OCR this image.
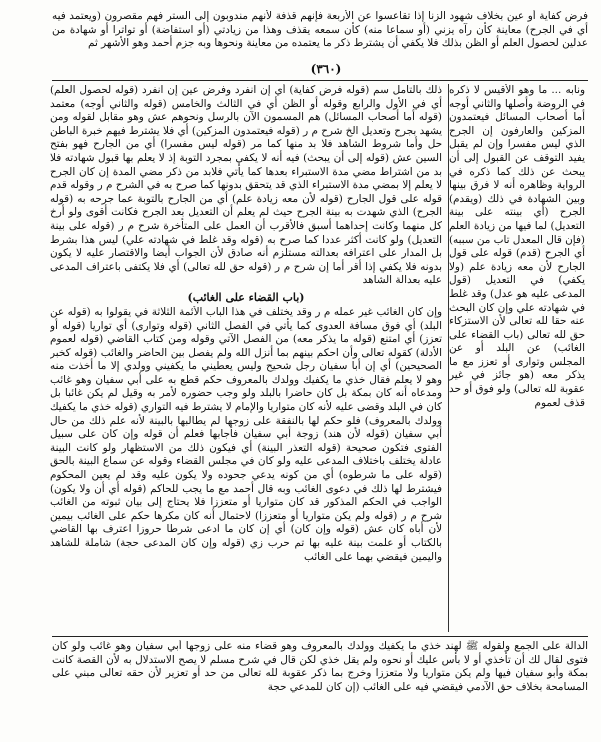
فرض كفاية أو عين بخلاف شهود الزنا إذا تقاعسوا عن الأربعة فإنهم قذفة لأنهم مندوبون إلى الستر فهم مقصرون (ويعتمد فيه أي في الجرح) معاينة كأن رآه يزني (أو سماعا منه) كأن سمعه يقذف وهذا من زيادتي (أو استفاضة) أو تواترا أو شهادة من عدلين لحصول العلم أو الظن بذلك فلا يكفي أن يشترط ذكر ما يعتمده من معاينة ونحوها وبه جزم أحمد وهو الأشهر ثم

(٣٦٠)

ونابه ... ما وهو الأقيس لا ذكره في الروضة وأصلها والثاني أوجه أما أصحاب المسائل فيعتمدون المزكين والعارفون إن الجرح الذي ليس مفسرا وإن لم يقبل يفيد التوقف عن القبول إلى أن يبحث عن ذلك كما ذكره في الرواية وظاهره أنه لا فرق بينها وبين الشهادة في ذلك (ويقدم) الجرح (أي بينته على بينة التعديل) لما فيها من زيادة العلم (فإن قال المعدل تاب من سببه) أي الجرح (قدم) قوله على قول الجارح لأن معه زيادة علم (ولا يكفي) في التعديل (قول المدعى عليه هو عدل) وقد غلط في شهادته علي وإن كان البحث عنه حقا لله تعالى لأن الاستزكاء حق لله تعالى (باب القضاء على الغائب) عن البلد أو عن المجلس وتوارى أو تعزز مع ما يذكر معه (هو جائز في غير عقوبة لله تعالى) ولو فوق أو حد قذف لعموم

ذلك بالتأمل سم (قوله فرض كفاية) أي إن انفرد وفرض عين إن انفرد (قوله لحصول العلم) أي في الأول والرابع وقوله أو الظن أي في الثالث والخامس (قوله والثاني أوجه) معتمد (قوله أما أصحاب المسائل) هم المسمون الآن بالرسل ونحوهم عش وهو مقابل لقوله ومن يشهد بجرح وتعديل الخ شرح م ر (قوله فيعتمدون المزكين) أي فلا يشترط فيهم خبرة الباطن حل وأما شروط الشاهد فلا بد منها كما مر (قوله ليس مفسرا) أي من الجارح فهو بفتح السين عش (قوله إلى أن يبحث) فيه أنه لا يكفي بمجرد التوبة إذ لا يعلم بها قبول شهادته فلا بد من اشتراط مضي مدة الاستبراء بعدها كما يأتي فلابد من ذكر مضي المدة إن كان الجرح لا يعلم إلا بمضي مدة الاستبراء الذي قد يتحقق بدونها كما صرح به في الشرح م ر وقوله قدم قوله على قول الجارح (قوله لأن معه زيادة علم) أي من الجارح بالتوبة عما جرحه به (قوله الجرح) الذي شهدت به بينة الجرح حيث لم يعلم أن التعديل بعد الجرح فكانت أقوى ولو أرخ كل منهما وكانت إحداهما أسبق فالأقرب أن العمل على المتأخرة شرح م ر (قوله على بينة التعديل) ولو كانت أكثر عددا كما صرح به (قوله وقد غلط في شهادته علي) ليس هذا بشرط بل المدار على اعترافه بعدالته مستلزم أنه صادق لأن الجواب أيضا والاقتصار عليه لا يكون بدونه فلا يكفي إذا أقر أما إن شرح م ر (قوله حق لله تعالى) أي فلا يكتفى باعتراف المدعى عليه بعدالة الشاهد

(باب القضاء على الغائب)

وإن كان الغائب غير عمله م ر وقد يختلف في هذا الباب الأئمة الثلاثة في يقولوا به (قوله عن البلد) أي فوق مسافة العدوى كما يأتي في الفصل الثاني (قوله وتوارى) أي تواريا (قوله أو تعزز) أي امتنع (قوله ما يذكر معه) من الفصل الآتي وقوله ومن كتاب القاضي (قوله لعموم الأدلة) كقوله تعالى وأن احكم بينهم بما أنزل الله ولم يفصل بين الحاضر والغائب (قوله كخبر الصحيحين) أي إن أبا سفيان رجل شحيح وليس يعطيني ما يكفيني وولدي إلا ما أخذت منه وهو لا يعلم فقال خذي ما يكفيك وولدك بالمعروف حكم قطع به على أبي سفيان وهو غائب ومدعاه أنه كان بمكة بل كان حاضرا بالبلد ولو وجب حضوره لأمر به وقيل لم يكن غائبا بل كان في البلد وقضى عليه لأنه كان متواريا والإمام لا يشترط فيه التواري (قوله خذي ما يكفيك وولدك بالمعروف) فلو حكم لها بالنفقة على زوجها لم يطالبها بالبينة لأنه علم ذلك من حال أبي سفيان (قوله لأن هند) زوجة أبي سفيان فأجابها فعلم أن قوله وإن كان على سبيل الفتوى فتكون صحيحة (قوله التعذر البينة) أي فيكون ذلك من الاستظهار ولو كانت البينة عادلة يختلف باختلاف المدعى عليه ولو كان في مجلس القضاء وقوله عن سماع البينة بالحق (قوله على ما شرطوه) أي من كونه يدعي جحوده ولا يكون عليه وقد لم يعين المحكوم فيشترط لها ذلك في دعوى الغائب وبه قال أحمد مع ما يجب للحاكم (قوله أي أن ولا يكون) الواجب في الحكم المذكور قد كان متواريا أو متعززا فلا يحتاج إلى بيان ثبوته من الغائب شرح م ر (قوله ولم يكن متواريا أو متعززا) لاحتمال أنه كان مكرها حكم على الغائب بيمين لأن أباه كان عش (قوله وإن كان) أي إن كان ما ادعى شرطا حروزا اعترف بها القاضي بالكتاب أو علمت بينة عليه بها تم حرب زي (قوله وإن كان المدعى حجة) شاملة للشاهد واليمين فيقضي بهما على الغائب

الدالة على الجمع ولقوله ﷺ لهند خذي ما يكفيك وولدك بالمعروف وهو قضاء منه على زوجها أبي سفيان وهو غائب ولو كان فتوى لقال لك أن تأخذي أو لا بأس عليك أو نحوه ولم يقل خذي لكن قال في شرح مسلم لا يصح الاستدلال به لأن القصة كانت بمكة وأبو سفيان فيها ولم يكن متواريا ولا متعززا وخرج بما ذكر عقوبة لله تعالى من حد أو تعزير لأن حقه تعالى مبني على المسامحة بخلاف حق الآدمي فيقضي فيه على الغائب (إن كان للمدعي حجة
